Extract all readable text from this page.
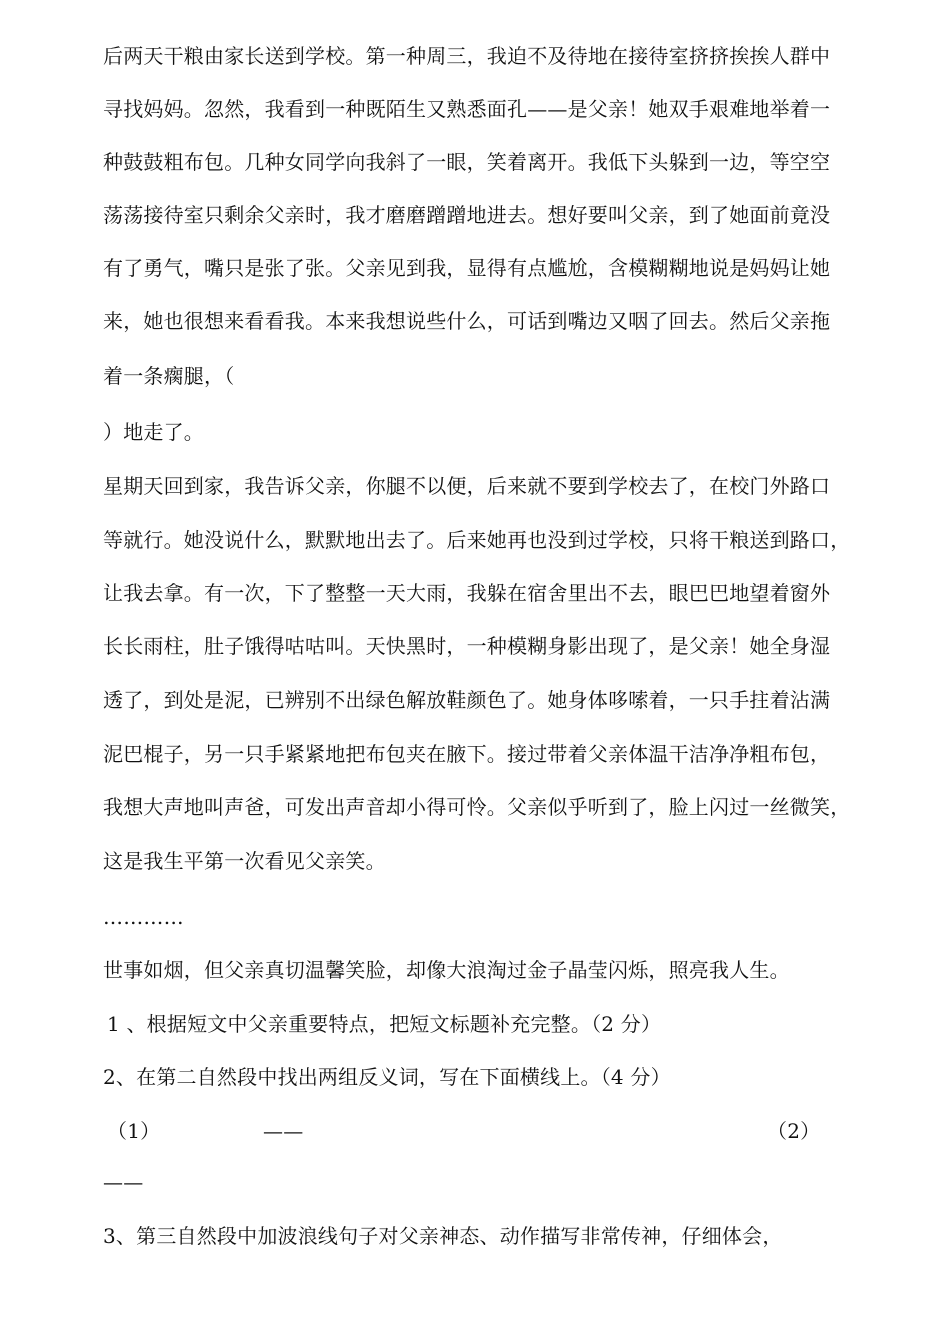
后两天干粮由家长送到学校。第一种周三，我迫不及待地在接待室挤挤挨挨人群中
寻找妈妈。忽然，我看到一种既陌生又熟悉面孔——是父亲！她双手艰难地举着一
种鼓鼓粗布包。几种女同学向我斜了一眼，笑着离开。我低下头躲到一边，等空空
荡荡接待室只剩余父亲时，我才磨磨蹭蹭地进去。想好要叫父亲，到了她面前竟没
有了勇气，嘴只是张了张。父亲见到我，显得有点尴尬，含模糊糊地说是妈妈让她
来，她也很想来看看我。本来我想说些什么，可话到嘴边又咽了回去。然后父亲拖
着一条瘸腿，（
）地走了。
星期天回到家，我告诉父亲，你腿不以便，后来就不要到学校去了，在校门外路口
等就行。她没说什么，默默地出去了。后来她再也没到过学校，只将干粮送到路口，
让我去拿。有一次，下了整整一天大雨，我躲在宿舍里出不去，眼巴巴地望着窗外
长长雨柱，肚子饿得咕咕叫。天快黑时，一种模糊身影出现了，是父亲！她全身湿
透了，到处是泥，已辨别不出绿色解放鞋颜色了。她身体哆嗦着，一只手拄着沾满
泥巴棍子，另一只手紧紧地把布包夹在腋下。接过带着父亲体温干洁净净粗布包，
我想大声地叫声爸，可发出声音却小得可怜。父亲似乎听到了，脸上闪过一丝微笑，
这是我生平第一次看见父亲笑。
…………
世事如烟，但父亲真切温馨笑脸，却像大浪淘过金子晶莹闪烁，照亮我人生。
1 、根据短文中父亲重要特点，把短文标题补充完整。（2 分）
2、在第二自然段中找出两组反义词，写在下面横线上。（4 分）
（1）	——	（2）
——
3、第三自然段中加波浪线句子对父亲神态、动作描写非常传神，仔细体会，
